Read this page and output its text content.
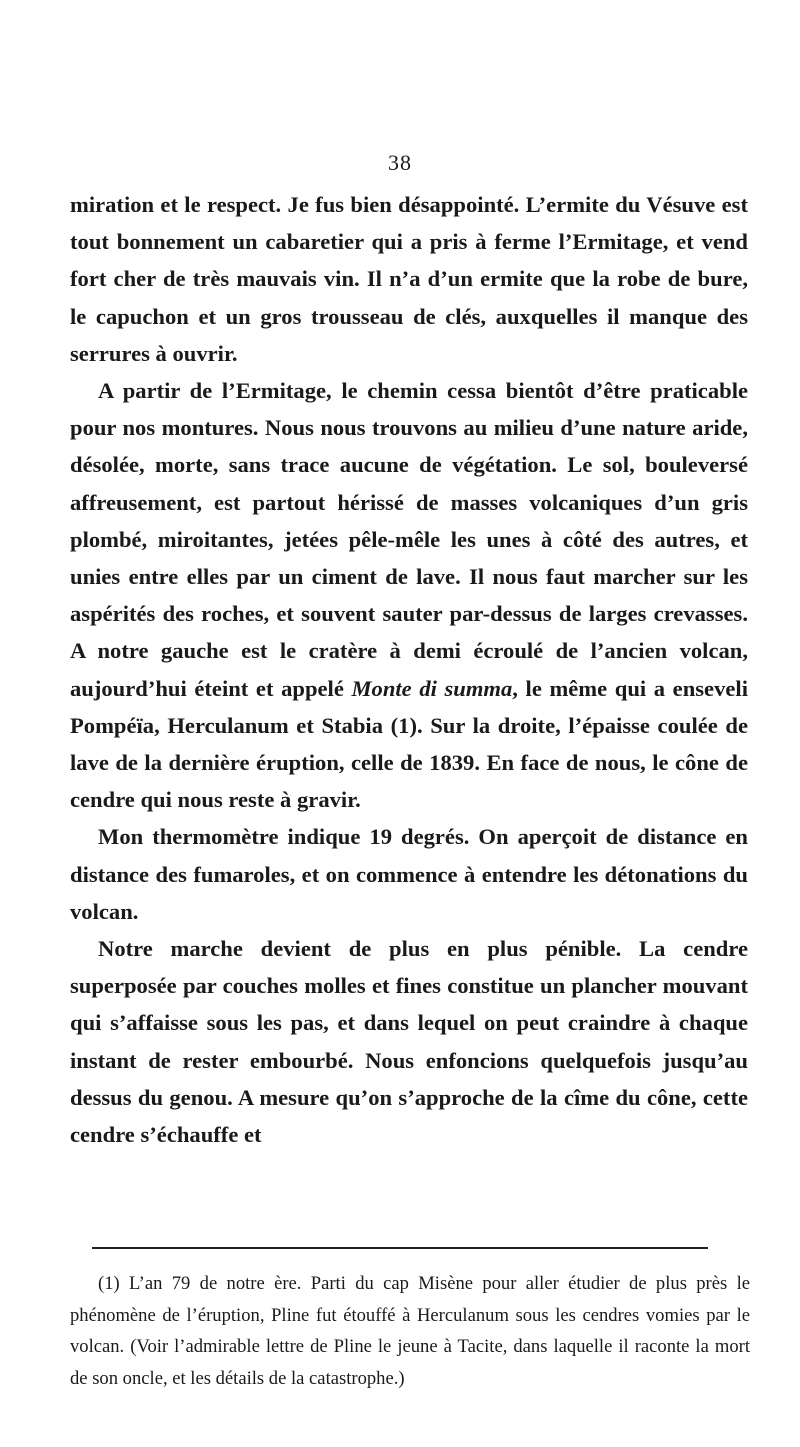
38

miration et le respect. Je fus bien désappointé. L’ermite du Vésuve est tout bonnement un cabaretier qui a pris à ferme l’Ermitage, et vend fort cher de très mauvais vin. Il n’a d’un ermite que la robe de bure, le capuchon et un gros trousseau de clés, auxquelles il manque des serrures à ouvrir.

A partir de l’Ermitage, le chemin cessa bientôt d’être praticable pour nos montures. Nous nous trouvons au milieu d’une nature aride, désolée, morte, sans trace aucune de végétation. Le sol, bouleversé affreusement, est partout hérissé de masses volcaniques d’un gris plombé, miroitantes, jetées pêle-mêle les unes à côté des autres, et unies entre elles par un ciment de lave. Il nous faut marcher sur les aspérités des roches, et souvent sauter par-dessus de larges crevasses. A notre gauche est le cratère à demi écroulé de l’ancien volcan, aujourd’hui éteint et appelé Monte di summa, le même qui a enseveli Pompéïa, Herculanum et Stabia (1). Sur la droite, l’épaisse coulée de lave de la dernière éruption, celle de 1839. En face de nous, le cône de cendre qui nous reste à gravir.

Mon thermomètre indique 19 degrés. On aperçoit de distance en distance des fumaroles, et on commence à entendre les détonations du volcan.

Notre marche devient de plus en plus pénible. La cendre superposée par couches molles et fines constitue un plancher mouvant qui s’affaisse sous les pas, et dans lequel on peut craindre à chaque instant de rester embourbé. Nous enfoncions quelquefois jusqu’au dessus du genou. A mesure qu’on s’approche de la cîme du cône, cette cendre s’échauffe et

(1) L’an 79 de notre ère. Parti du cap Misène pour aller étudier de plus près le phénomène de l’éruption, Pline fut étouffé à Herculanum sous les cendres vomies par le volcan. (Voir l’admirable lettre de Pline le jeune à Tacite, dans laquelle il raconte la mort de son oncle, et les détails de la catastrophe.)
